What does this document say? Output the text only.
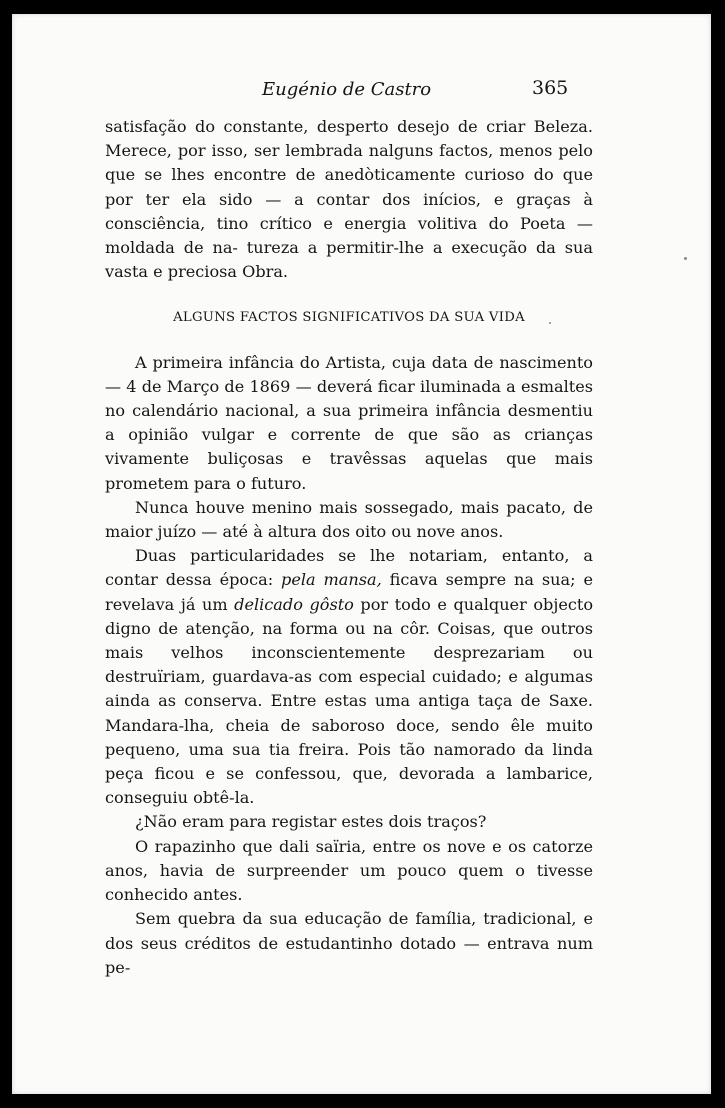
Eugénio de Castro	365

satisfação do constante, desperto desejo de criar Beleza. Merece, por isso, ser lembrada nalguns factos, menos pelo que se lhes encontre de anedòticamente curioso do que por ter ela sido — a contar dos inícios, e graças à consciência, tino crítico e energia volitiva do Poeta — moldada de na- tureza a permitir-lhe a execução da sua vasta e preciosa Obra.

ALGUNS FACTOS SIGNIFICATIVOS DA SUA VIDA

A primeira infância do Artista, cuja data de nascimento — 4 de Março de 1869 — deverá ficar iluminada a esmaltes no calendário nacional, a sua primeira infância desmentiu a opinião vulgar e corrente de que são as crianças vivamente buliçosas e travêssas aquelas que mais prometem para o futuro.

Nunca houve menino mais sossegado, mais pacato, de maior juízo — até à altura dos oito ou nove anos.

Duas particularidades se lhe notariam, entanto, a contar dessa época: pela mansa, ficava sempre na sua; e revelava já um delicado gôsto por todo e qualquer objecto digno de atenção, na forma ou na côr. Coisas, que outros mais velhos inconscientemente desprezariam ou destruïriam, guardava-as com especial cuidado; e algumas ainda as conserva. Entre estas uma antiga taça de Saxe. Mandara-lha, cheia de saboroso doce, sendo êle muito pequeno, uma sua tia freira. Pois tão namorado da linda peça ficou e se confessou, que, devorada a lambarice, conseguiu obtê-la.

¿Não eram para registar estes dois traços?

O rapazinho que dali saïria, entre os nove e os catorze anos, havia de surpreender um pouco quem o tivesse conhecido antes.

Sem quebra da sua educação de família, tradicional, e dos seus créditos de estudantinho dotado — entrava num pe-
